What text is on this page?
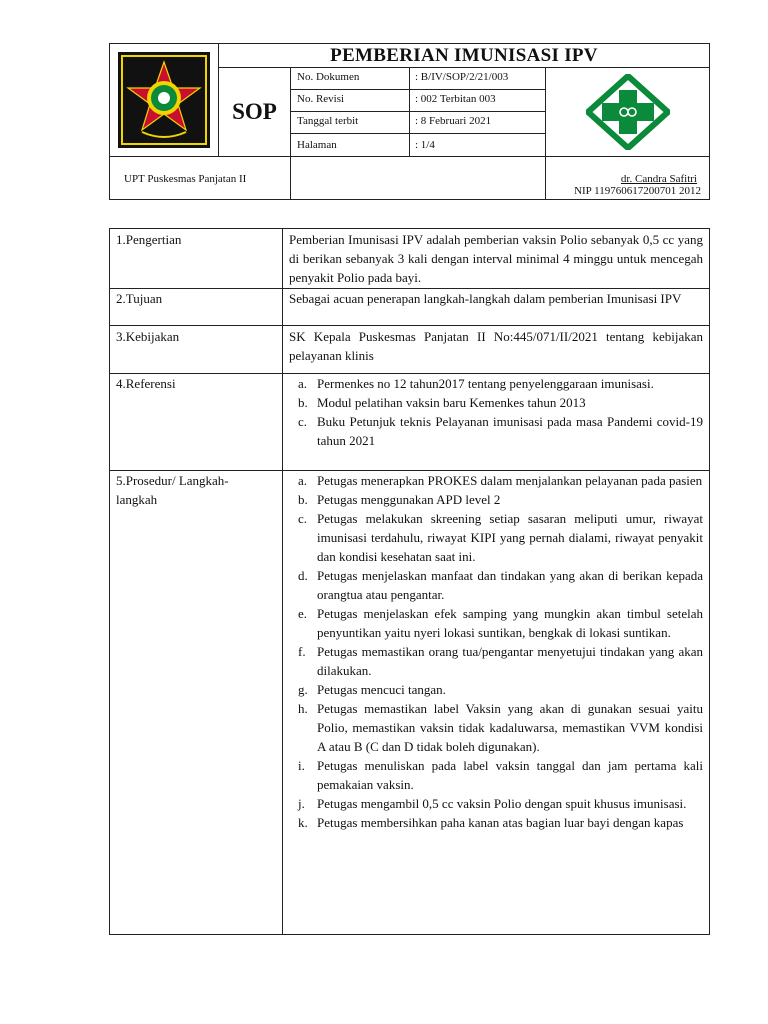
PEMBERIAN IMUNISASI IPV
SOP
No. Dokumen	: B/IV/SOP/2/21/003
No. Revisi	: 002 Terbitan 003
Tanggal terbit	: 8 Februari 2021
Halaman	: 1/4
UPT Puskesmas Panjatan II	dr. Candra Safitri
NIP 119760617200701 2012
1.Pengertian	Pemberian Imunisasi IPV adalah pemberian vaksin Polio sebanyak 0,5 cc yang di berikan sebanyak 3 kali dengan interval minimal 4 minggu untuk mencegah penyakit Polio pada bayi.
2.Tujuan	Sebagai acuan penerapan langkah-langkah dalam pemberian Imunisasi IPV
3.Kebijakan	SK Kepala Puskesmas Panjatan II No:445/071/II/2021 tentang kebijakan pelayanan klinis
4.Referensi	a. Permenkes no 12 tahun2017 tentang penyelenggaraan imunisasi.
b. Modul pelatihan vaksin baru Kemenkes tahun 2013
c. Buku Petunjuk teknis Pelayanan imunisasi pada masa Pandemi covid-19 tahun 2021
5.Prosedur/ Langkah-langkah
a. Petugas menerapkan PROKES dalam menjalankan pelayanan pada pasien
b. Petugas menggunakan APD level 2
c. Petugas melakukan skreening setiap sasaran meliputi umur, riwayat imunisasi terdahulu, riwayat KIPI yang pernah dialami, riwayat penyakit dan kondisi kesehatan saat ini.
d. Petugas menjelaskan manfaat dan tindakan yang akan di berikan kepada orangtua atau pengantar.
e. Petugas menjelaskan efek samping yang mungkin akan timbul setelah penyuntikan yaitu nyeri lokasi suntikan, bengkak di lokasi suntikan.
f. Petugas memastikan orang tua/pengantar menyetujui tindakan yang akan dilakukan.
g. Petugas mencuci tangan.
h. Petugas memastikan label Vaksin yang akan di gunakan sesuai yaitu Polio, memastikan vaksin tidak kadaluwarsa, memastikan VVM kondisi A atau B (C dan D tidak boleh digunakan).
i. Petugas menuliskan pada label vaksin tanggal dan jam pertama kali pemakaian vaksin.
j. Petugas mengambil 0,5 cc vaksin Polio dengan spuit khusus imunisasi.
k. Petugas membersihkan paha kanan atas bagian luar bayi dengan kapas
